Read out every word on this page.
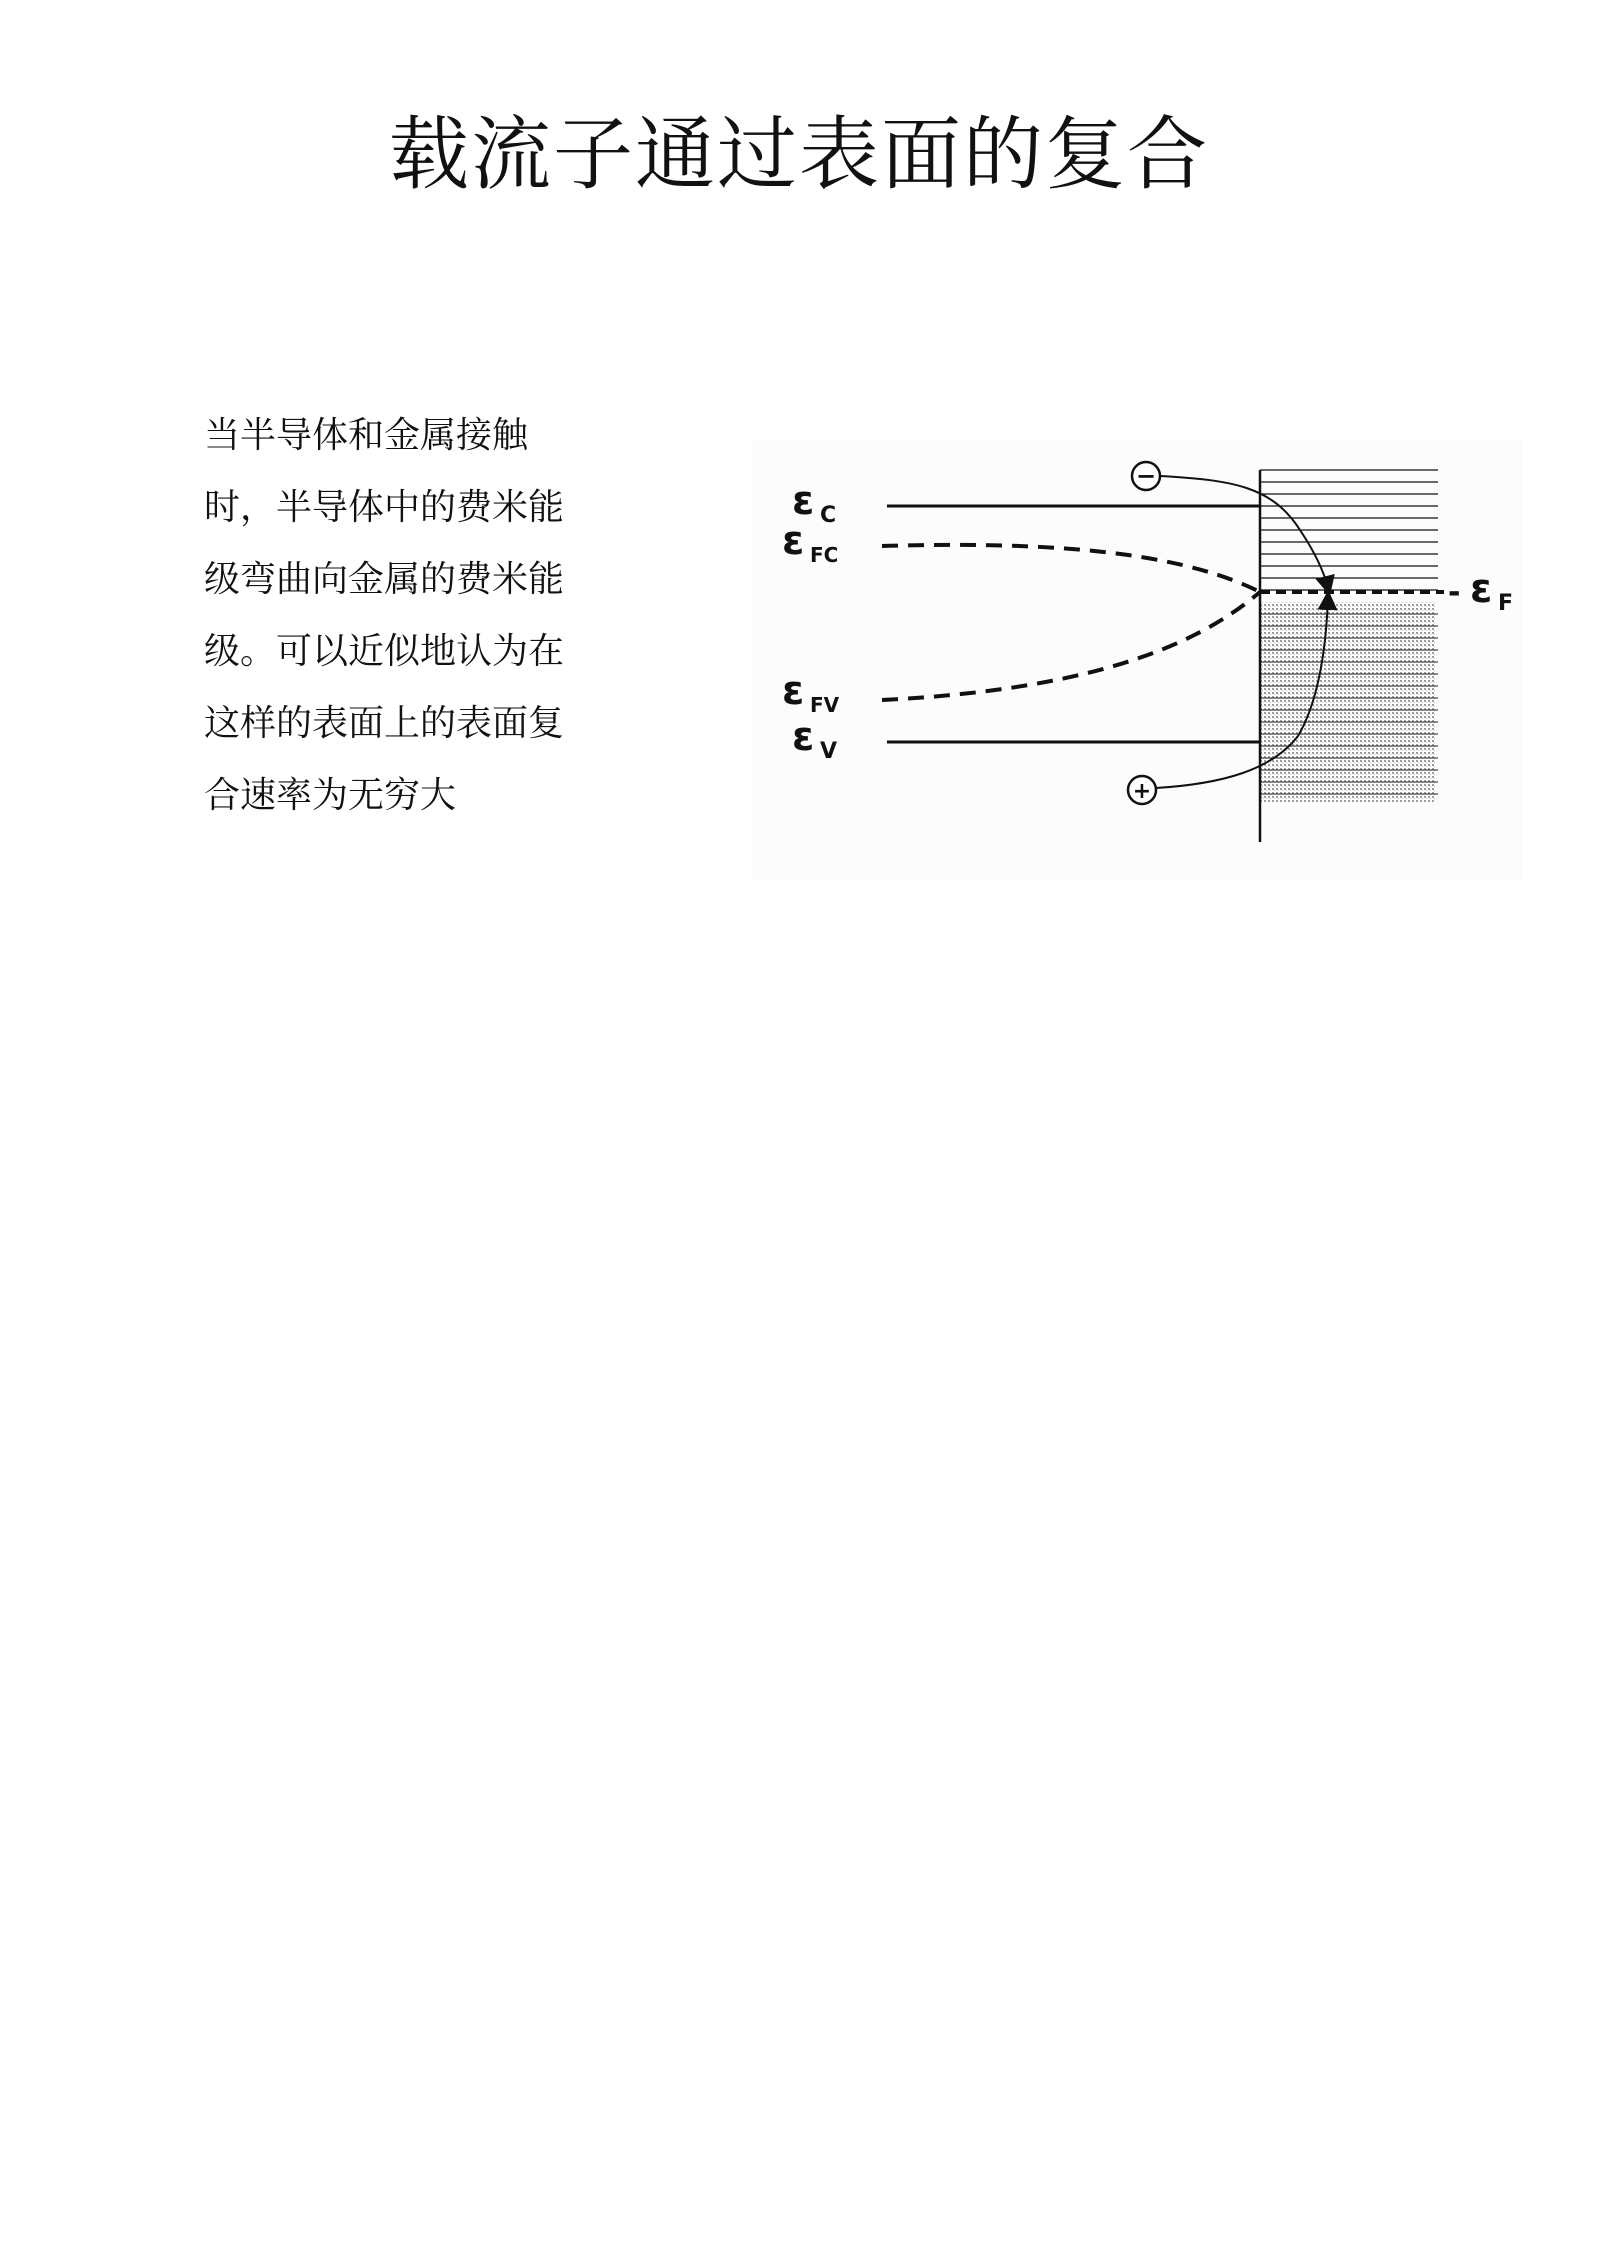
载流子通过表面的复合
当半导体和金属接触
时，半导体中的费米能
级弯曲向金属的费米能
级。可以近似地认为在
这样的表面上的表面复
合速率为无穷大
−
+
ε C
ε FC
ε FV
ε V
- ε F
